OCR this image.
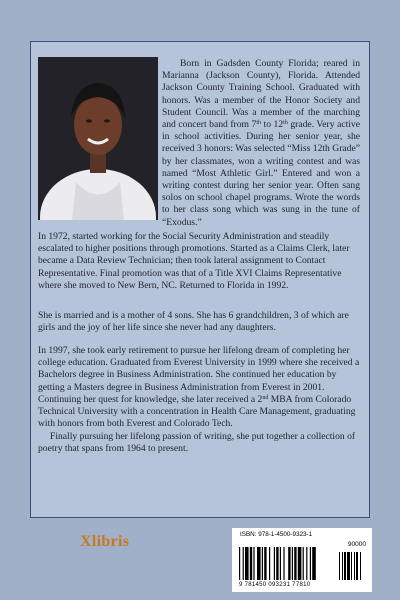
Born in Gadsden County Florida; reared in Marianna (Jackson County), Florida. Attended Jackson County Training School. Graduated with honors. Was a member of the Honor Society and Student Council. Was a member of the marching and concert band from 7th to 12th grade. Very active in school activities. During her senior year, she received 3 honors: Was selected “Miss 12th Grade” by her classmates, won a writing contest and was named “Most Athletic Girl.” Entered and won a writing contest during her senior year. Often sang solos on school chapel programs. Wrote the words to her class song which was sung in the tune of “Exodus.”
In 1972, started working for the Social Security Administration and steadily escalated to higher positions through promotions. Started as a Claims Clerk, later became a Data Review Technician; then took lateral assignment to Contact Representative. Final promotion was that of a Title XVI Claims Representative where she moved to New Bern, NC. Returned to Florida in 1992.
She is married and is a mother of 4 sons. She has 6 grandchildren, 3 of which are girls and the joy of her life since she never had any daughters.
In 1997, she took early retirement to pursue her lifelong dream of completing her college education. Graduated from Everest University in 1999 where she received a Bachelors degree in Business Administration. She continued her education by getting a Masters degree in Business Administration from Everest in 2001. Continuing her quest for knowledge, she later received a 2nd MBA from Colorado Technical University with a concentration in Health Care Management, graduating with honors from both Everest and Colorado Tech.
Finally pursuing her lifelong passion of writing, she put together a collection of poetry that spans from 1964 to present.
Xlibris	ISBN: 978-1-4500-9323-1
90000
9 781450 093231 77810
